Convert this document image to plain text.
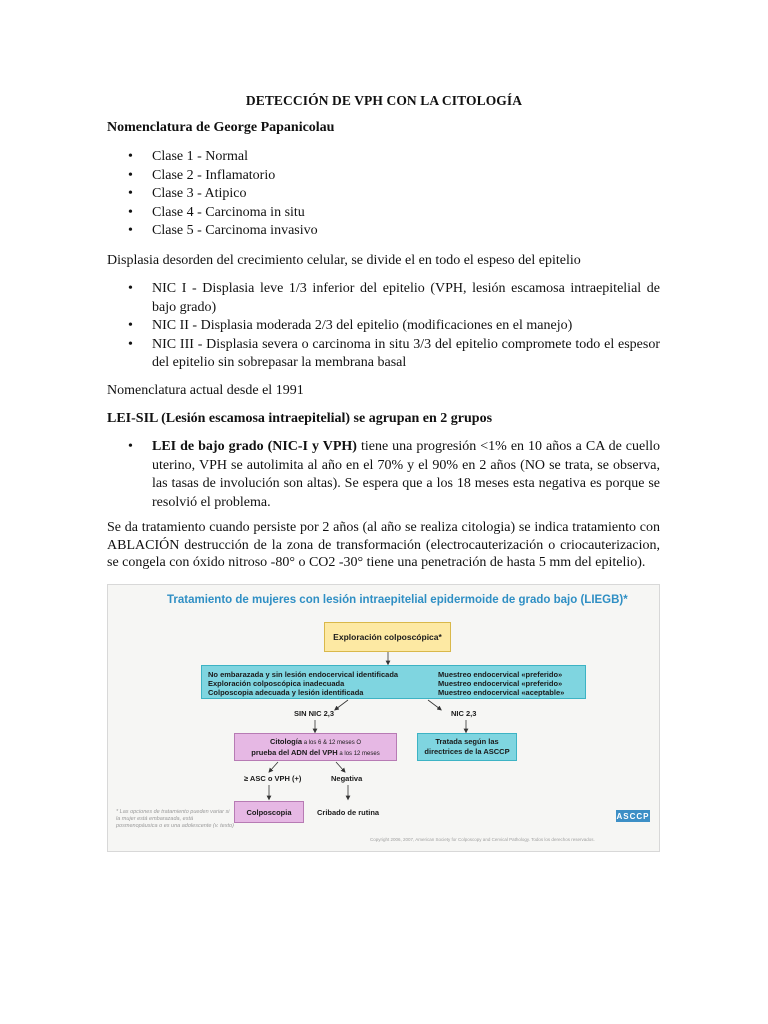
DETECCIÓN DE VPH CON LA CITOLOGÍA
Nomenclatura de George Papanicolau
• Clase 1 - Normal
• Clase 2 - Inflamatorio
• Clase 3 - Atipico
• Clase 4 - Carcinoma in situ
• Clase 5 - Carcinoma invasivo
Displasia desorden del crecimiento celular, se divide el en todo el espeso del epitelio
• NIC I - Displasia leve 1/3 inferior del epitelio (VPH, lesión escamosa intraepitelial de bajo grado)
• NIC II - Displasia moderada 2/3 del epitelio (modificaciones en el manejo)
• NIC III - Displasia severa o carcinoma in situ 3/3 del epitelio compromete todo el espesor del epitelio sin sobrepasar la membrana basal
Nomenclatura actual desde el 1991
LEI-SIL (Lesión escamosa intraepitelial) se agrupan en 2 grupos
• LEI de bajo grado (NIC-I y VPH) tiene una progresión <1% en 10 años a CA de cuello uterino, VPH se autolimita al año en el 70% y el 90% en 2 años (NO se trata, se observa, las tasas de involución son altas). Se espera que a los 18 meses esta negativa es porque se resolvió el problema.
Se da tratamiento cuando persiste por 2 años (al año se realiza citologia) se indica tratamiento con ABLACIÓN destrucción de la zona de transformación (electrocauterización o criocauterizacion, se congela con óxido nitroso -80° o CO2 -30° tiene una penetración de hasta 5 mm del epitelio).
Tratamiento de mujeres con lesión intraepitelial epidermoide de grado bajo (LIEGB)*
Exploración colposcópica*
No embarazada y sin lesión endocervical identificada
Exploración colposcópica inadecuada
Colposcopia adecuada y lesión identificada
Muestreo endocervical «preferido»
Muestreo endocervical «preferido»
Muestreo endocervical «aceptable»
SIN NIC 2,3	NIC 2,3
Citología a los 6 & 12 meses O
prueba del ADN del VPH a los 12 meses
Tratada según las directrices de la ASCCP
≥ ASC o VPH (+)	Negativa
Colposcopia	Cribado de rutina
* Las opciones de tratamiento pueden variar si la mujer está embarazada, está posmenopáusica o es una adolescente (v. texto)
ASCCP
Copyright 2006, 2007, American Society for Colposcopy and Cervical Pathology. Todos los derechos reservados.
